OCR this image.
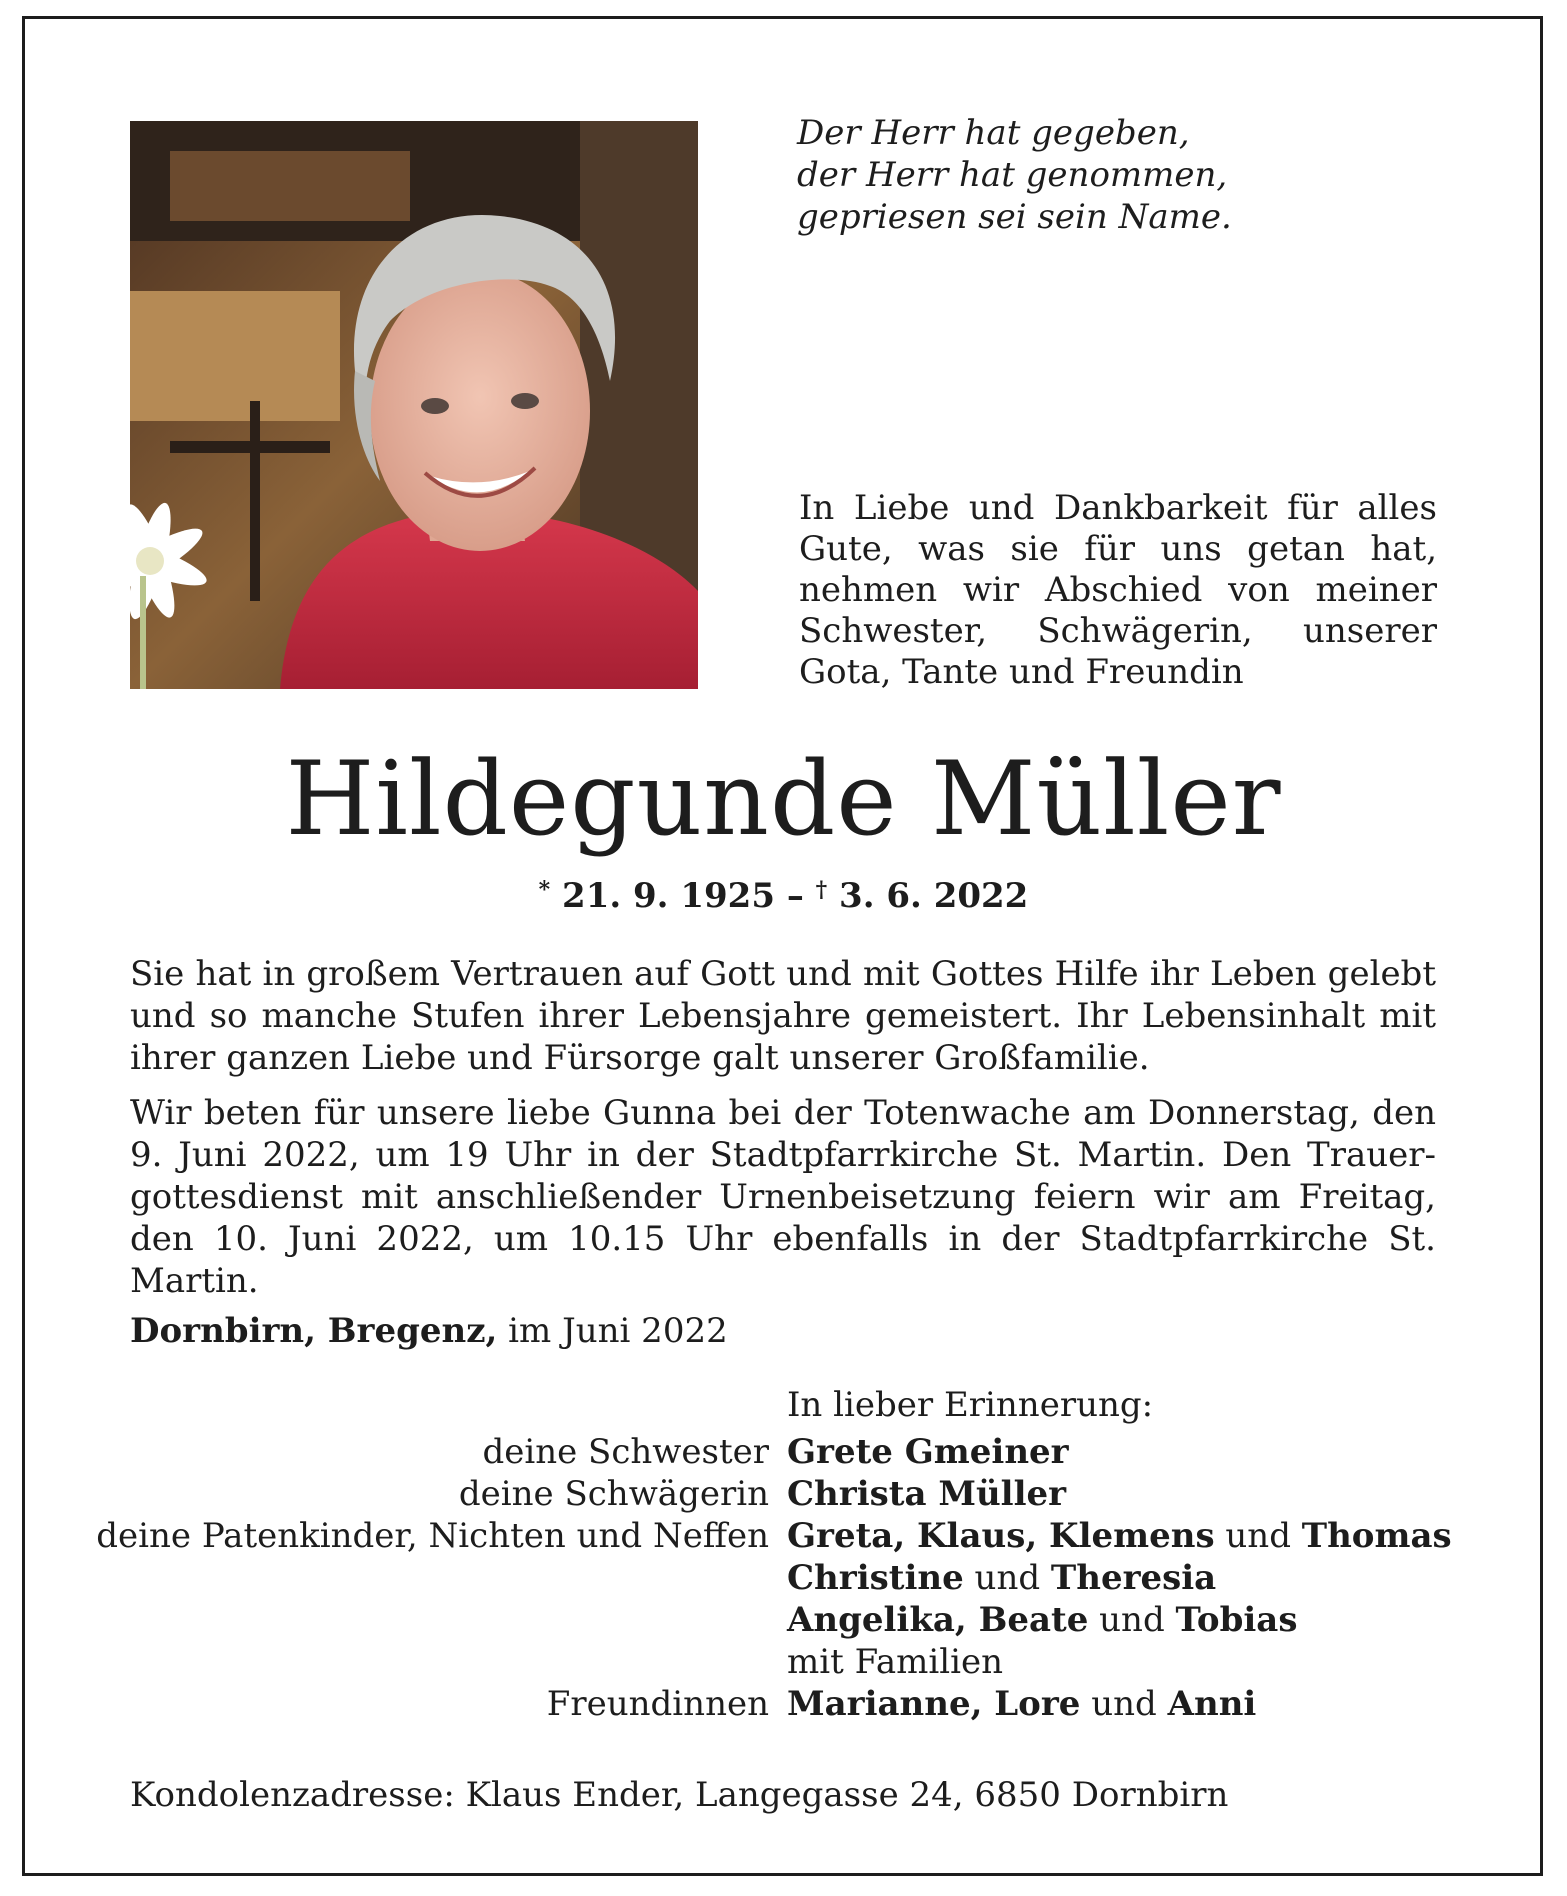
Der Herr hat gegeben,
der Herr hat genommen,
gepriesen sei sein Name.
In Liebe und Dankbarkeit für alles Gute, was sie für uns getan hat, nehmen wir Abschied von meiner Schwester, Schwägerin, unserer Gota, Tante und Freundin
Hildegunde Müller
* 21. 9. 1925 – † 3. 6. 2022

Sie hat in großem Vertrauen auf Gott und mit Gottes Hilfe ihr Leben gelebt und so manche Stufen ihrer Lebensjahre gemeistert. Ihr Lebensinhalt mit ihrer ganzen Liebe und Fürsorge galt unserer Großfamilie.

Wir beten für unsere liebe Gunna bei der Totenwache am Donnerstag, den 9. Juni 2022, um 19 Uhr in der Stadtpfarrkirche St. Martin. Den Trauergottesdienst mit anschließender Urnenbeisetzung feiern wir am Freitag, den 10. Juni 2022, um 10.15 Uhr ebenfalls in der Stadtpfarrkirche St. Martin.

Dornbirn, Bregenz, im Juni 2022
In lieber Erinnerung:
deine Schwester Grete Gmeiner
deine Schwägerin Christa Müller
deine Patenkinder, Nichten und Neffen Greta, Klaus, Klemens und Thomas
Christine und Theresia
Angelika, Beate und Tobias
mit Familien
Freundinnen Marianne, Lore und Anni
Kondolenzadresse: Klaus Ender, Langegasse 24, 6850 Dornbirn
